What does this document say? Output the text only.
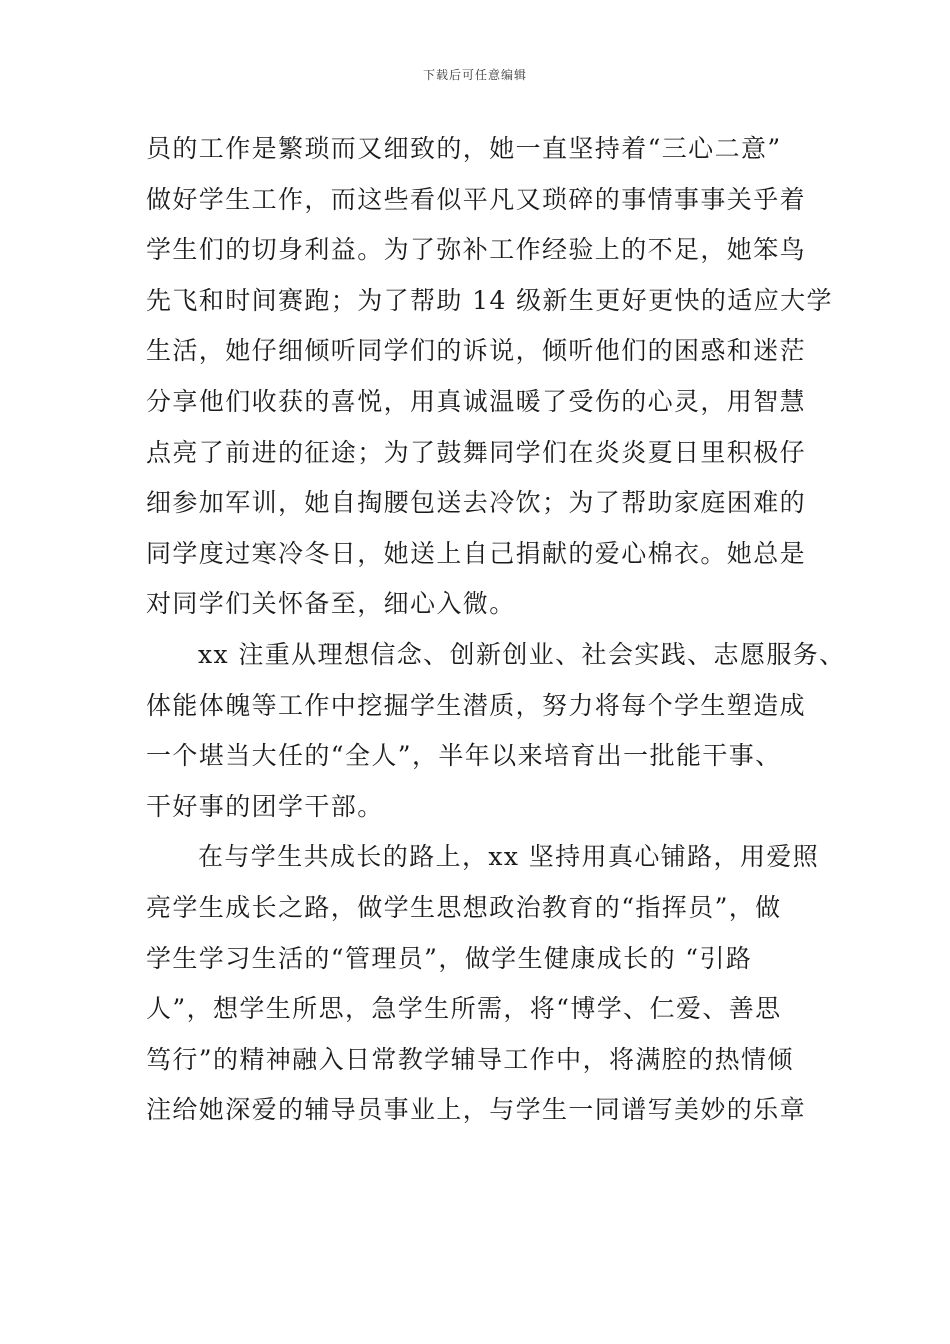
下载后可任意编辑
员的工作是繁琐而又细致的，她一直坚持着“三心二意”
做好学生工作，而这些看似平凡又琐碎的事情事事关乎着
学生们的切身利益。为了弥补工作经验上的不足，她笨鸟
先飞和时间赛跑；为了帮助 14 级新生更好更快的适应大学
生活，她仔细倾听同学们的诉说，倾听他们的困惑和迷茫
分享他们收获的喜悦，用真诚温暖了受伤的心灵，用智慧
点亮了前进的征途；为了鼓舞同学们在炎炎夏日里积极仔
细参加军训，她自掏腰包送去冷饮；为了帮助家庭困难的
同学度过寒冷冬日，她送上自己捐献的爱心棉衣。她总是
对同学们关怀备至，细心入微。
xx 注重从理想信念、创新创业、社会实践、志愿服务、
体能体魄等工作中挖掘学生潜质，努力将每个学生塑造成
一个堪当大任的“全人”，半年以来培育出一批能干事、
干好事的团学干部。
在与学生共成长的路上，xx 坚持用真心铺路，用爱照
亮学生成长之路，做学生思想政治教育的“指挥员”，做
学生学习生活的“管理员”，做学生健康成长的 “引路
人”，想学生所思，急学生所需，将“博学、仁爱、善思
笃行”的精神融入日常教学辅导工作中，将满腔的热情倾
注给她深爱的辅导员事业上，与学生一同谱写美妙的乐章
